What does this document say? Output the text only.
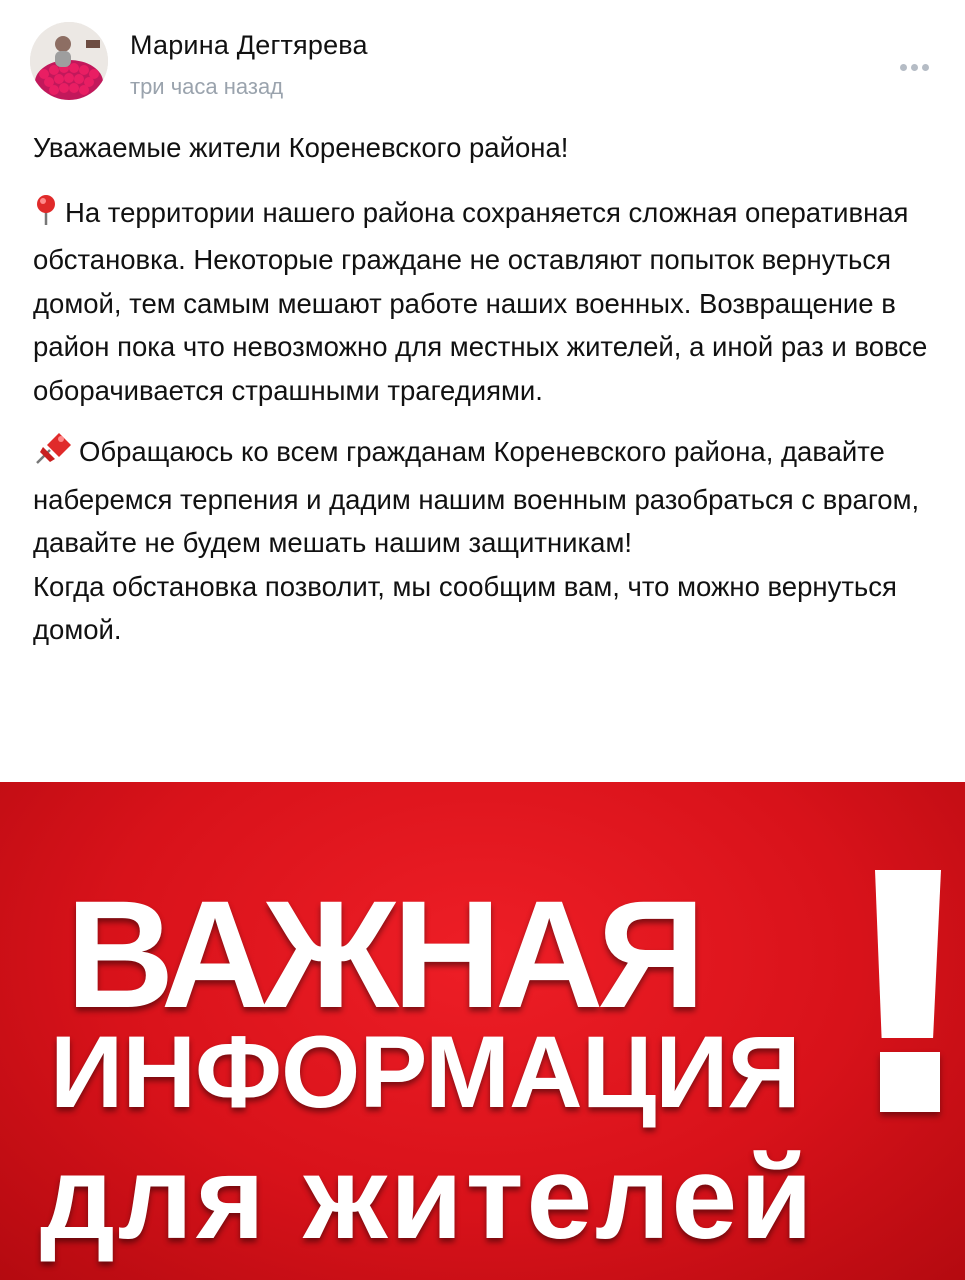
Марина Дегтярева
три часа назад

Уважаемые жители Кореневского района!

На территории нашего района сохраняется сложная оперативная обстановка. Некоторые граждане не оставляют попыток вернуться домой, тем самым мешают работе наших военных. Возвращение в район пока что невозможно для местных жителей, а иной раз и вовсе оборачивается страшными трагедиями.

Обращаюсь ко всем гражданам Кореневского района, давайте наберемся терпения и дадим нашим военным разобраться с врагом, давайте не будем мешать нашим защитникам!

Когда обстановка позволит, мы сообщим вам, что можно вернуться домой.

ВАЖНАЯ
ИНФОРМАЦИЯ
для жителей
